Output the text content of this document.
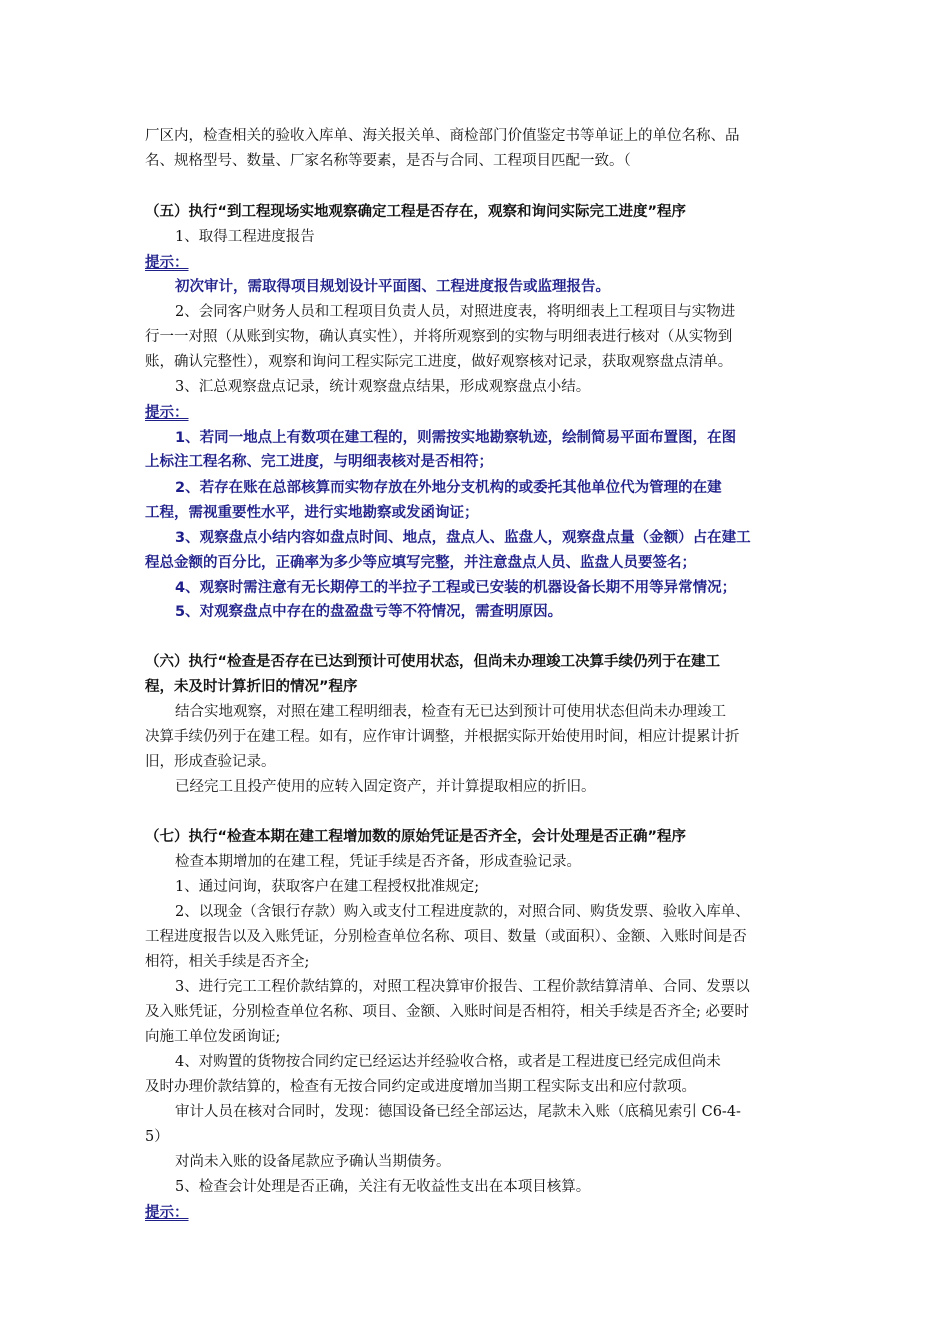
厂区内，检查相关的验收入库单、海关报关单、商检部门价值鉴定书等单证上的单位名称、品
名、规格型号、数量、厂家名称等要素，是否与合同、工程项目匹配一致。（
（五）执行“到工程现场实地观察确定工程是否存在，观察和询问实际完工进度”程序
1、取得工程进度报告
提示：
初次审计，需取得项目规划设计平面图、工程进度报告或监理报告。
2、会同客户财务人员和工程项目负责人员，对照进度表，将明细表上工程项目与实物进
行一一对照（从账到实物，确认真实性），并将所观察到的实物与明细表进行核对（从实物到
账，确认完整性），观察和询问工程实际完工进度，做好观察核对记录，获取观察盘点清单。
3、汇总观察盘点记录，统计观察盘点结果，形成观察盘点小结。
提示：
1、若同一地点上有数项在建工程的，则需按实地勘察轨迹，绘制简易平面布置图，在图
上标注工程名称、完工进度，与明细表核对是否相符；
2、若存在账在总部核算而实物存放在外地分支机构的或委托其他单位代为管理的在建
工程，需视重要性水平，进行实地勘察或发函询证；
3、观察盘点小结内容如盘点时间、地点，盘点人、监盘人，观察盘点量（金额）占在建工
程总金额的百分比，正确率为多少等应填写完整，并注意盘点人员、监盘人员要签名；
4、观察时需注意有无长期停工的半拉子工程或已安装的机器设备长期不用等异常情况；
5、对观察盘点中存在的盘盈盘亏等不符情况，需查明原因。
（六）执行“检查是否存在已达到预计可使用状态，但尚未办理竣工决算手续仍列于在建工
程，未及时计算折旧的情况”程序
结合实地观察，对照在建工程明细表，检查有无已达到预计可使用状态但尚未办理竣工
决算手续仍列于在建工程。如有，应作审计调整，并根据实际开始使用时间，相应计提累计折
旧，形成查验记录。
已经完工且投产使用的应转入固定资产，并计算提取相应的折旧。
（七）执行“检查本期在建工程增加数的原始凭证是否齐全，会计处理是否正确”程序
检查本期增加的在建工程，凭证手续是否齐备，形成查验记录。
1、通过问询，获取客户在建工程授权批准规定;
2、以现金（含银行存款）购入或支付工程进度款的，对照合同、购货发票、验收入库单、
工程进度报告以及入账凭证，分别检查单位名称、项目、数量（或面积）、金额、入账时间是否
相符，相关手续是否齐全;
3、进行完工工程价款结算的，对照工程决算审价报告、工程价款结算清单、合同、发票以
及入账凭证，分别检查单位名称、项目、金额、入账时间是否相符，相关手续是否齐全; 必要时
向施工单位发函询证;
4、对购置的货物按合同约定已经运达并经验收合格，或者是工程进度已经完成但尚未
及时办理价款结算的，检查有无按合同约定或进度增加当期工程实际支出和应付款项。
审计人员在核对合同时，发现：德国设备已经全部运达，尾款未入账（底稿见索引 C6-4-
5）
对尚未入账的设备尾款应予确认当期债务。
5、检查会计处理是否正确，关注有无收益性支出在本项目核算。
提示：
